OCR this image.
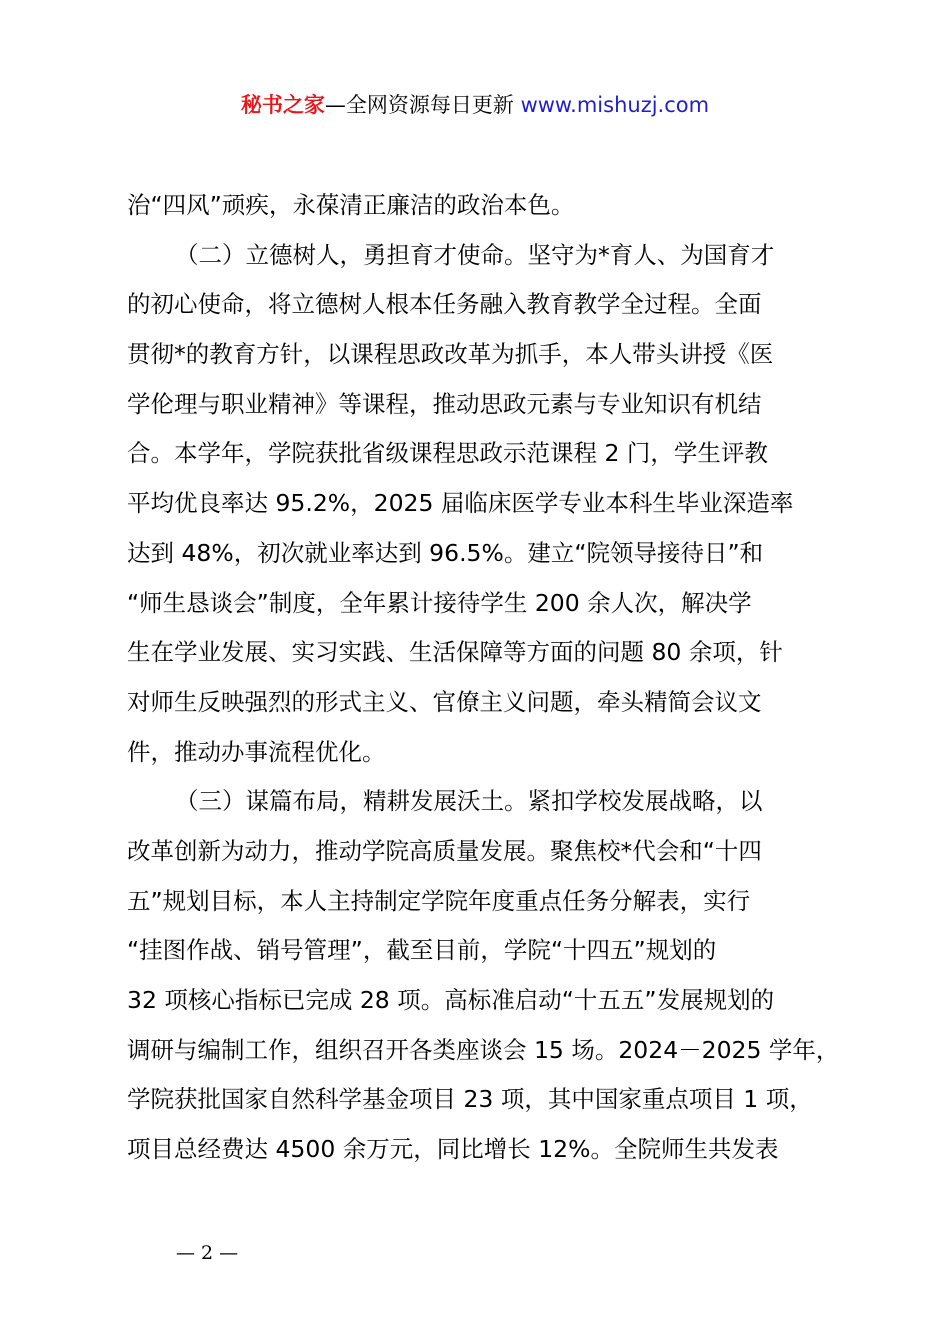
秘书之家—全网资源每日更新 www.mishuzj.com
治“四风”顽疾，永葆清正廉洁的政治本色。
（二）立德树人，勇担育才使命。坚守为*育人、为国育才
的初心使命，将立德树人根本任务融入教育教学全过程。全面
贯彻*的教育方针，以课程思政改革为抓手，本人带头讲授《医
学伦理与职业精神》等课程，推动思政元素与专业知识有机结
合。本学年，学院获批省级课程思政示范课程 2 门，学生评教
平均优良率达 95.2%，2025 届临床医学专业本科生毕业深造率
达到 48%，初次就业率达到 96.5%。建立“院领导接待日”和
“师生恳谈会”制度，全年累计接待学生 200 余人次，解决学
生在学业发展、实习实践、生活保障等方面的问题 80 余项，针
对师生反映强烈的形式主义、官僚主义问题，牵头精简会议文
件，推动办事流程优化。
（三）谋篇布局，精耕发展沃土。紧扣学校发展战略，以
改革创新为动力，推动学院高质量发展。聚焦校*代会和“十四
五”规划目标，本人主持制定学院年度重点任务分解表，实行
“挂图作战、销号管理”，截至目前，学院“十四五”规划的
32 项核心指标已完成 28 项。高标准启动“十五五”发展规划的
调研与编制工作，组织召开各类座谈会 15 场。2024－2025 学年，
学院获批国家自然科学基金项目 23 项，其中国家重点项目 1 项，
项目总经费达 4500 余万元，同比增长 12%。全院师生共发表
— 2 —
